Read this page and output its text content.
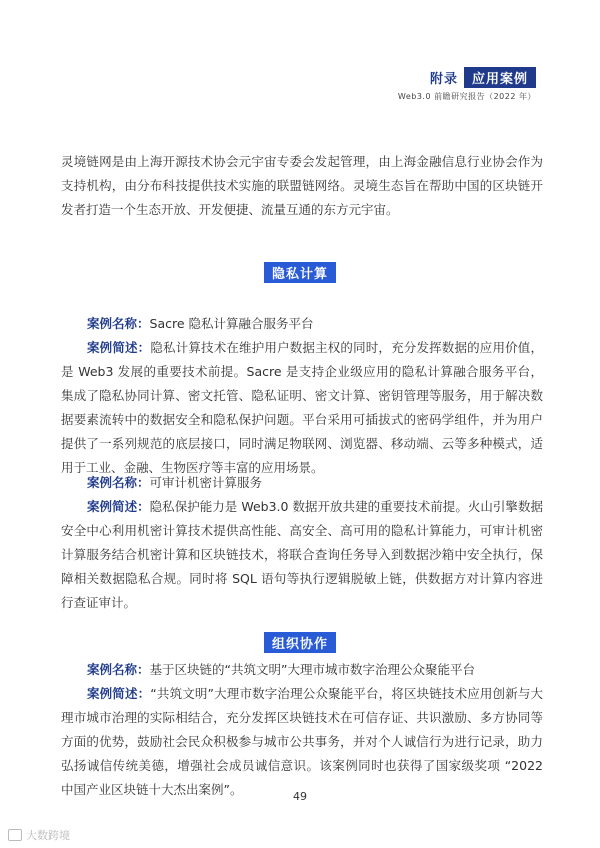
附录	应用案例
Web3.0 前瞻研究报告（2022 年）
灵境链网是由上海开源技术协会元宇宙专委会发起管理，由上海金融信息行业协会作为支持机构，由分布科技提供技术实施的联盟链网络。灵境生态旨在帮助中国的区块链开发者打造一个生态开放、开发便捷、流量互通的东方元宇宙。
隐私计算
案例名称：Sacre 隐私计算融合服务平台
案例简述：隐私计算技术在维护用户数据主权的同时，充分发挥数据的应用价值，是 Web3 发展的重要技术前提。Sacre 是支持企业级应用的隐私计算融合服务平台，集成了隐私协同计算、密文托管、隐私证明、密文计算、密钥管理等服务，用于解决数据要素流转中的数据安全和隐私保护问题。平台采用可插拔式的密码学组件，并为用户提供了一系列规范的底层接口，同时满足物联网、浏览器、移动端、云等多种模式，适用于工业、金融、生物医疗等丰富的应用场景。
案例名称：可审计机密计算服务
案例简述：隐私保护能力是 Web3.0 数据开放共建的重要技术前提。火山引擎数据安全中心利用机密计算技术提供高性能、高安全、高可用的隐私计算能力，可审计机密计算服务结合机密计算和区块链技术，将联合查询任务导入到数据沙箱中安全执行，保障相关数据隐私合规。同时将 SQL 语句等执行逻辑脱敏上链，供数据方对计算内容进行查证审计。
组织协作
案例名称：基于区块链的“共筑文明”大理市城市数字治理公众聚能平台
案例简述：“共筑文明”大理市数字治理公众聚能平台，将区块链技术应用创新与大理市城市治理的实际相结合，充分发挥区块链技术在可信存证、共识激励、多方协同等方面的优势，鼓励社会民众积极参与城市公共事务，并对个人诚信行为进行记录，助力弘扬诚信传统美德，增强社会成员诚信意识。该案例同时也获得了国家级奖项 “2022 中国产业区块链十大杰出案例”。	49
大数跨境
